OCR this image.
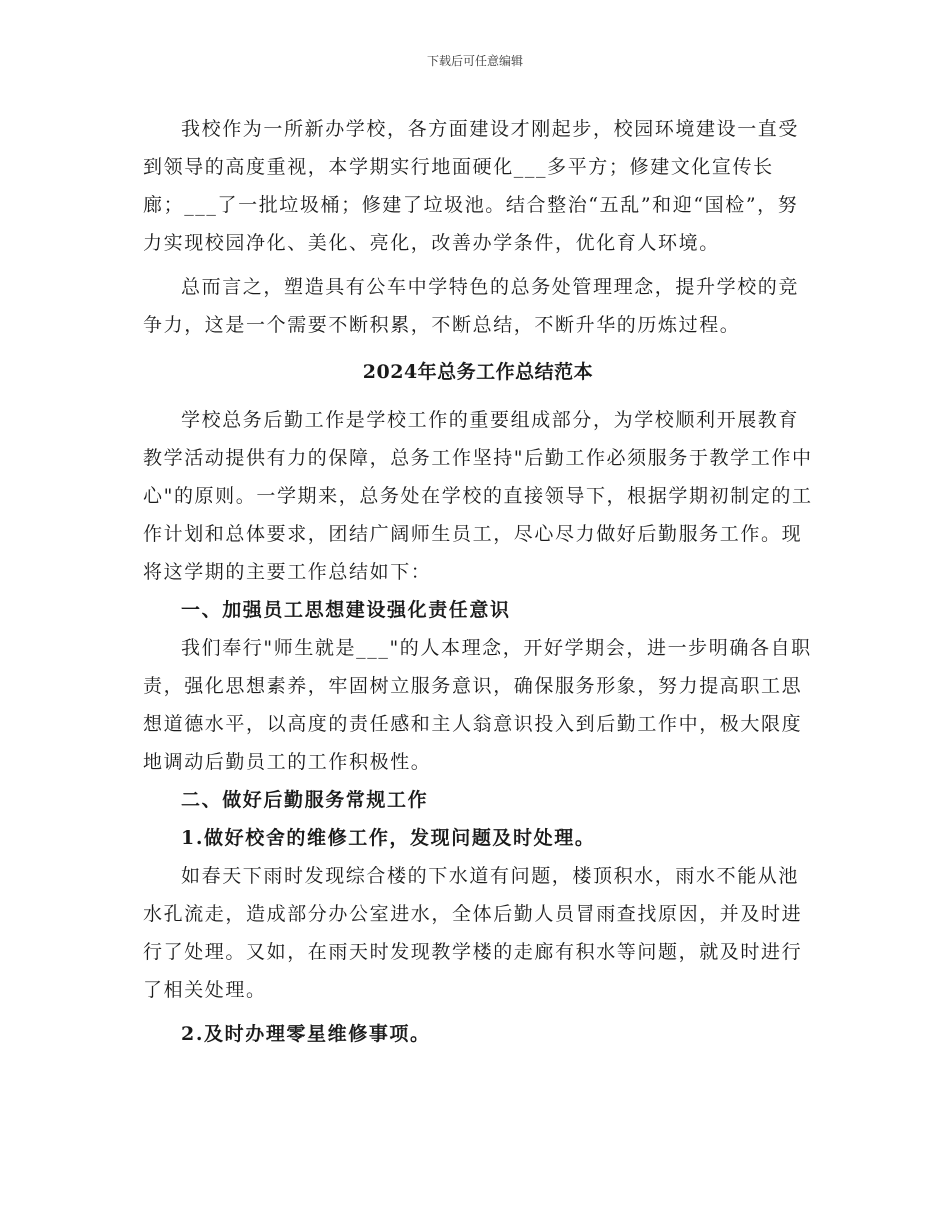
下载后可任意编辑

我校作为一所新办学校，各方面建设才刚起步，校园环境建设一直受到领导的高度重视，本学期实行地面硬化___多平方；修建文化宣传长廊；___了一批垃圾桶；修建了垃圾池。结合整治“五乱”和迎“国检”，努力实现校园净化、美化、亮化，改善办学条件，优化育人环境。

总而言之，塑造具有公车中学特色的总务处管理理念，提升学校的竞争力，这是一个需要不断积累，不断总结，不断升华的历炼过程。

2024年总务工作总结范本

学校总务后勤工作是学校工作的重要组成部分，为学校顺利开展教育教学活动提供有力的保障，总务工作坚持"后勤工作必须服务于教学工作中心"的原则。一学期来，总务处在学校的直接领导下，根据学期初制定的工作计划和总体要求，团结广阔师生员工，尽心尽力做好后勤服务工作。现将这学期的主要工作总结如下：

一、加强员工思想建设强化责任意识

我们奉行"师生就是___"的人本理念，开好学期会，进一步明确各自职责，强化思想素养，牢固树立服务意识，确保服务形象，努力提高职工思想道德水平，以高度的责任感和主人翁意识投入到后勤工作中，极大限度地调动后勤员工的工作积极性。

二、做好后勤服务常规工作

1.做好校舍的维修工作，发现问题及时处理。

如春天下雨时发现综合楼的下水道有问题，楼顶积水，雨水不能从池水孔流走，造成部分办公室进水，全体后勤人员冒雨查找原因，并及时进行了处理。又如，在雨天时发现教学楼的走廊有积水等问题，就及时进行了相关处理。

2.及时办理零星维修事项。
